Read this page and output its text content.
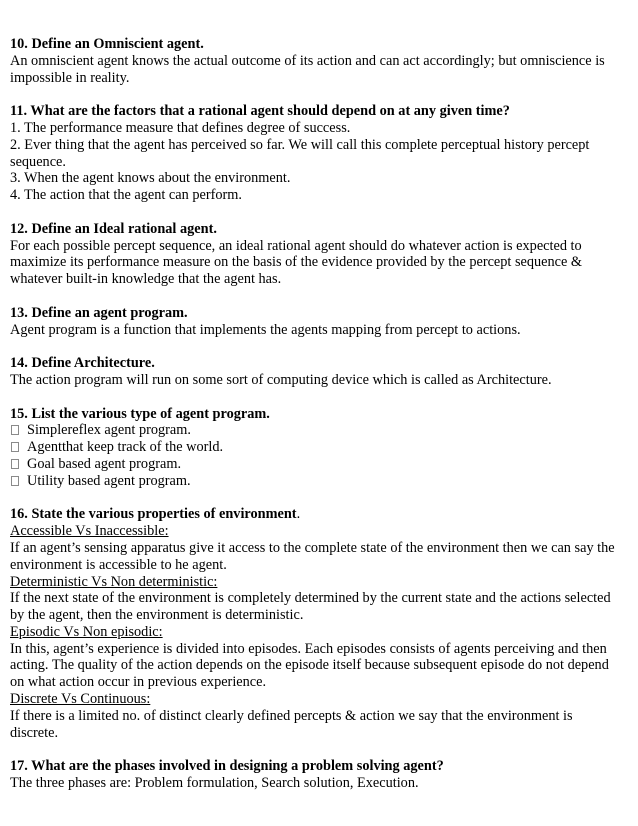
10. Define an Omniscient agent.

An omniscient agent knows the actual outcome of its action and can act accordingly; but omniscience is impossible in reality.

11. What are the factors that a rational agent should depend on at any given time?

1. The performance measure that defines degree of success.

2. Ever thing that the agent has perceived so far. We will call this complete perceptual history percept sequence.

3. When the agent knows about the environment.

4. The action that the agent can perform.

12. Define an Ideal rational agent.

For each possible percept sequence, an ideal rational agent should do whatever action is expected to maximize its performance measure on the basis of the evidence provided by the percept sequence & whatever built-in knowledge that the agent has.

13. Define an agent program.

Agent program is a function that implements the agents mapping from percept to actions.

14. Define Architecture.

The action program will run on some sort of computing device which is called as Architecture.

15. List the various type of agent program.

Simplereflex agent program.

Agentthat keep track of the world.

Goal based agent program.

Utility based agent program.

16. State the various properties of environment.

Accessible Vs Inaccessible:

If an agent’s sensing apparatus give it access to the complete state of the environment then we can say the environment is accessible to he agent.

Deterministic Vs Non deterministic:

If the next state of the environment is completely determined by the current state and the actions selected by the agent, then the environment is deterministic.

Episodic Vs Non episodic:

In this, agent’s experience is divided into episodes. Each episodes consists of agents perceiving and then acting. The quality of the action depends on the episode itself because subsequent episode do not depend on what action occur in previous experience.

Discrete Vs Continuous:

If there is a limited no. of distinct clearly defined percepts & action we say that the environment is discrete.

17. What are the phases involved in designing a problem solving agent?

The three phases are: Problem formulation, Search solution, Execution.
